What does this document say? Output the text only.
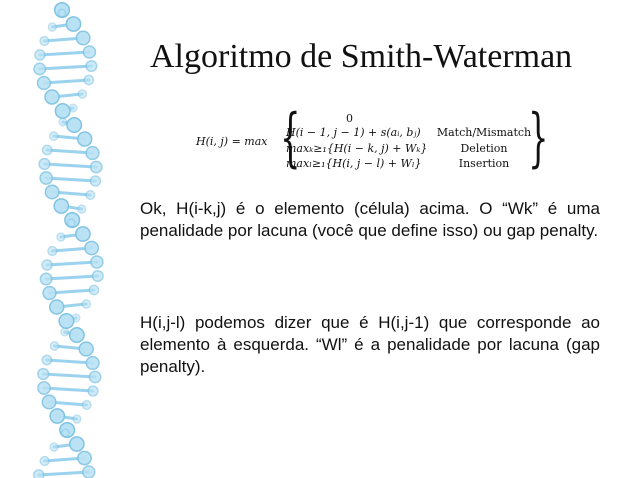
Algoritmo de Smith-Waterman
H(i, j) = max {	}
0
H(i − 1, j − 1) + s(aᵢ, bⱼ) Match/Mismatch
maxₖ≥₁{H(i − k, j) + Wₖ}	Deletion
maxₗ≥₁{H(i, j − l) + Wₗ}	Insertion

Ok, H(i-k,j) é o elemento (célula) acima. O “Wk” é uma penalidade por lacuna (você que define isso) ou gap penalty.

H(i,j-l) podemos dizer que é H(i,j-1) que corresponde ao elemento à esquerda. “Wl” é a penalidade por lacuna (gap penalty).
